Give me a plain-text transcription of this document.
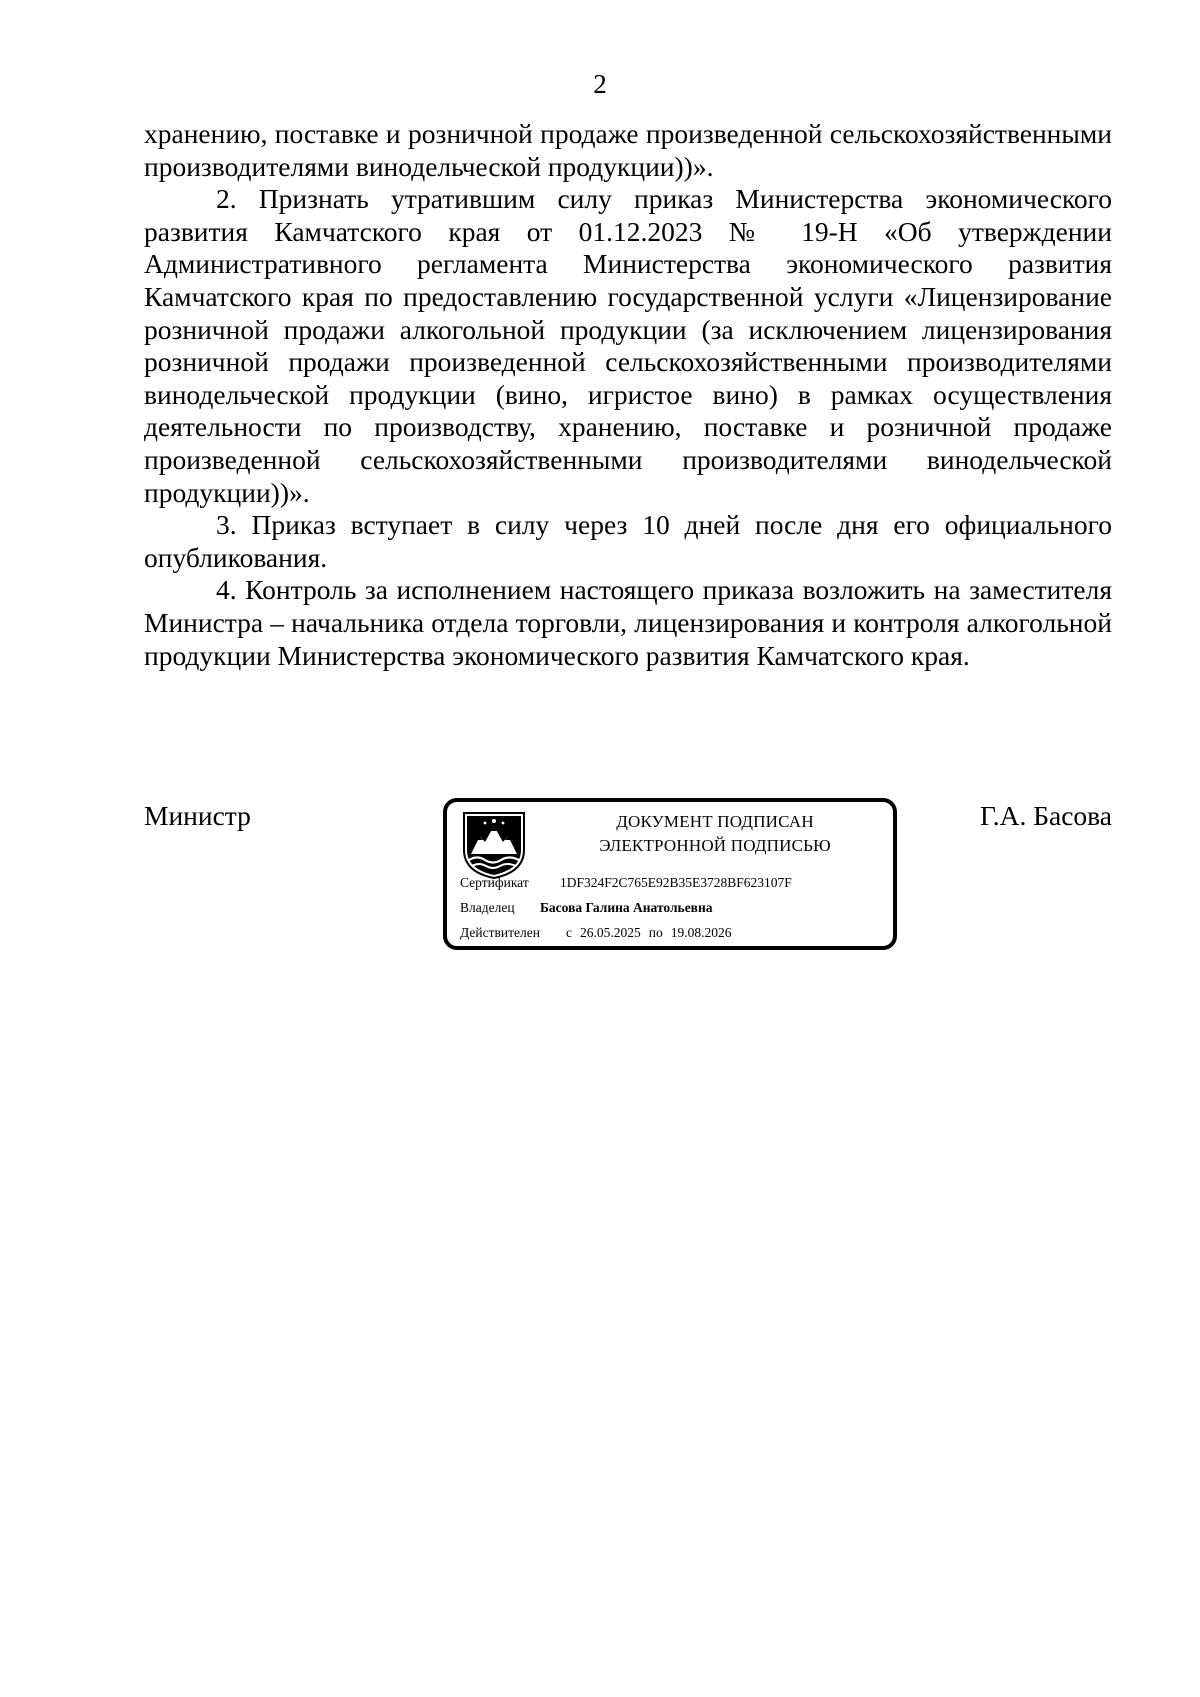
2

хранению, поставке и розничной продаже произведенной сельскохозяйственными производителями винодельческой продукции))».

2. Признать утратившим силу приказ Министерства экономического развития Камчатского края от 01.12.2023 № 19-Н «Об утверждении Административного регламента Министерства экономического развития Камчатского края по предоставлению государственной услуги «Лицензирование розничной продажи алкогольной продукции (за исключением лицензирования розничной продажи произведенной сельскохозяйственными производителями винодельческой продукции (вино, игристое вино) в рамках осуществления деятельности по производству, хранению, поставке и розничной продаже произведенной сельскохозяйственными производителями винодельческой продукции))».

3. Приказ вступает в силу через 10 дней после дня его официального опубликования.

4. Контроль за исполнением настоящего приказа возложить на заместителя Министра – начальника отдела торговли, лицензирования и контроля алкогольной продукции Министерства экономического развития Камчатского края.

Министр	ДОКУМЕНТ ПОДПИСАН
ЭЛЕКТРОННОЙ ПОДПИСЬЮ
Сертификат 1DF324F2C765E92B35E3728BF623107F
Владелец Басова Галина Анатольевна
Действителен с 26.05.2025 по 19.08.2026
Г.А. Басова
